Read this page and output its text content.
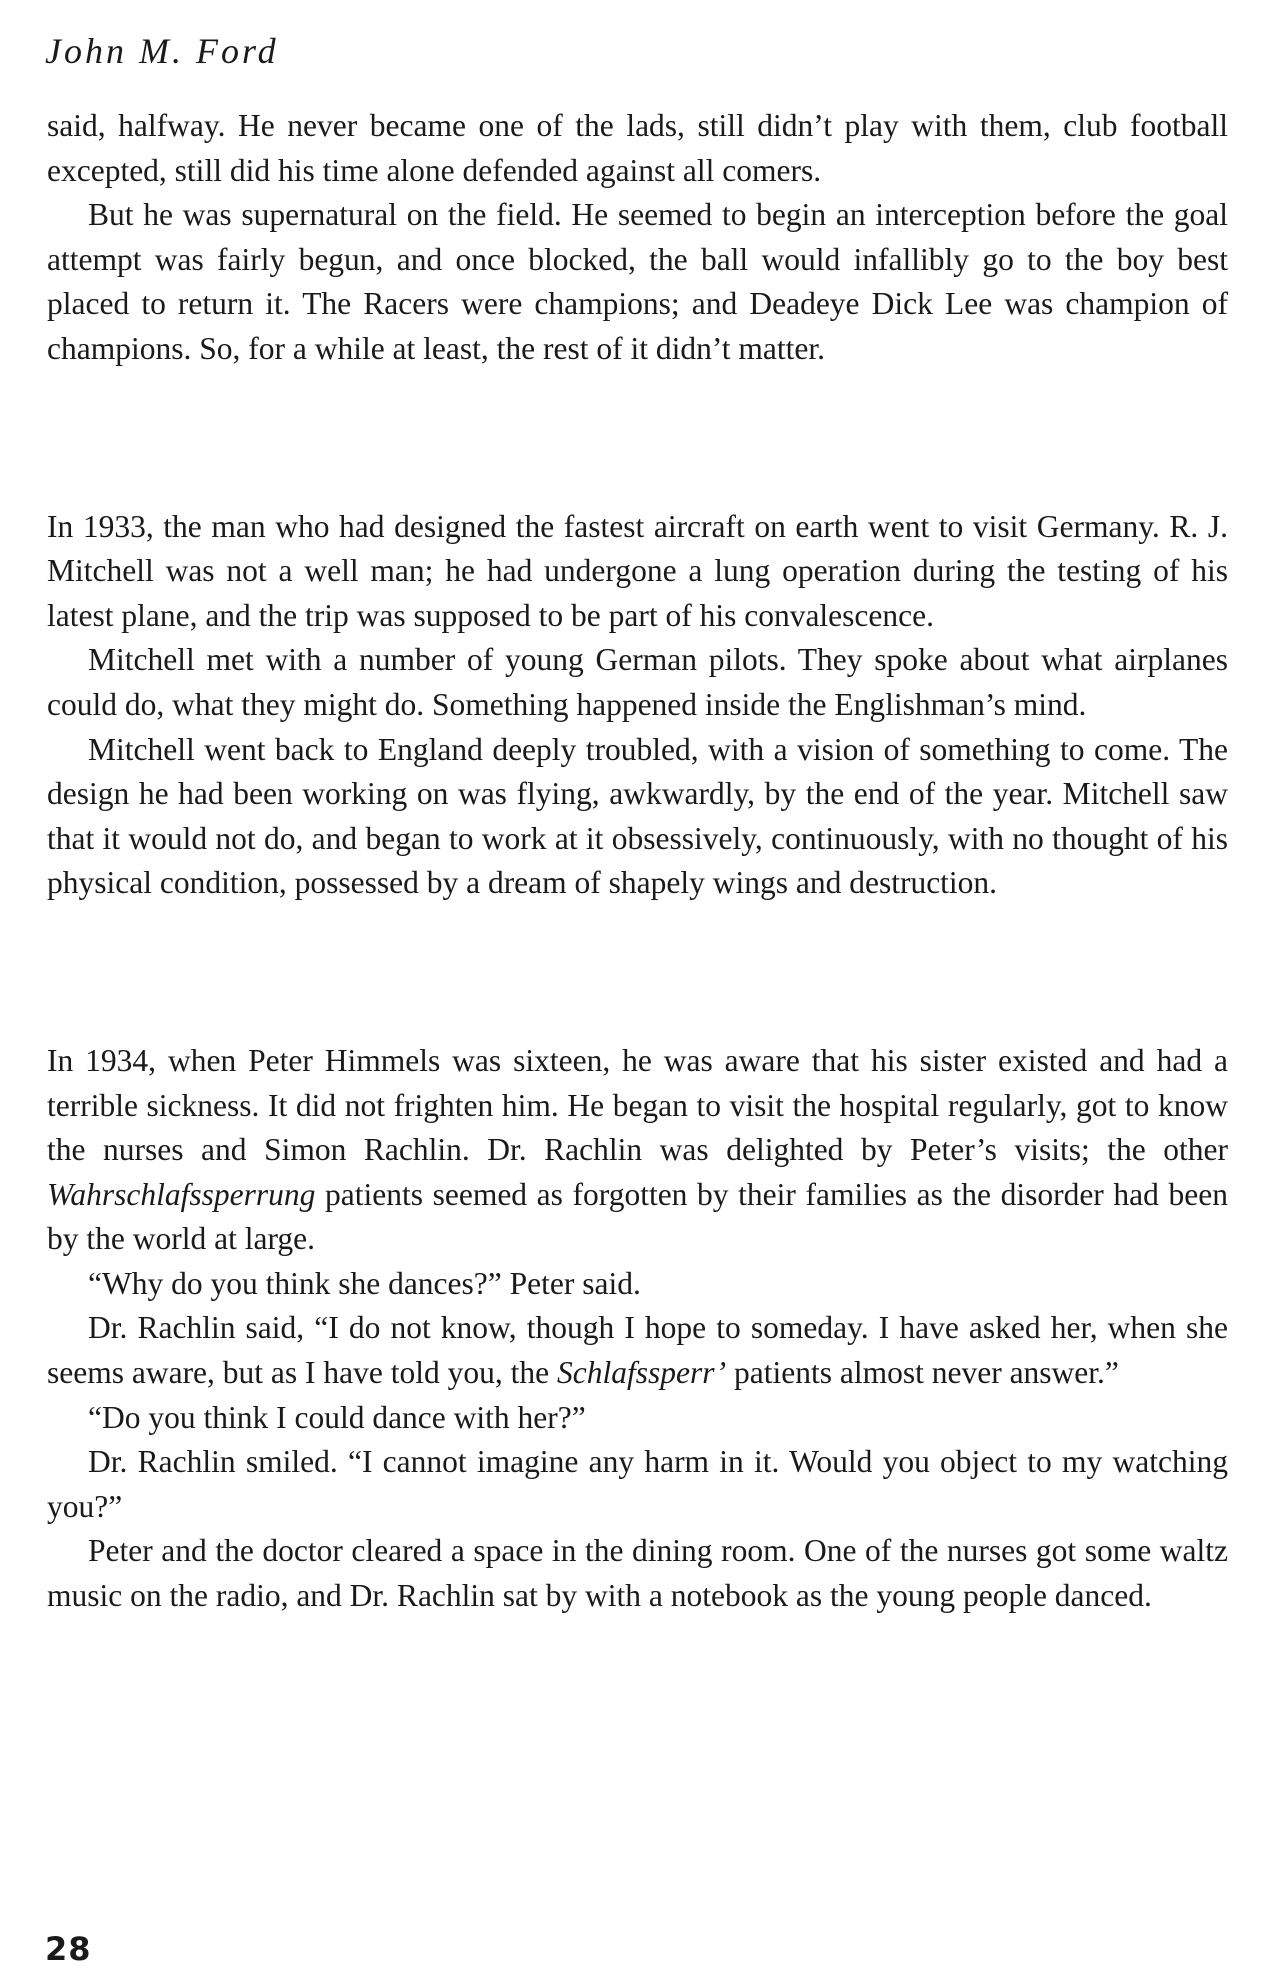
John M. Ford

said, halfway. He never became one of the lads, still didn’t play with them, club football excepted, still did his time alone defended against all comers.

But he was supernatural on the field. He seemed to begin an interception before the goal attempt was fairly begun, and once blocked, the ball would infallibly go to the boy best placed to return it. The Racers were champions; and Deadeye Dick Lee was champion of champions. So, for a while at least, the rest of it didn’t matter.

In 1933, the man who had designed the fastest aircraft on earth went to visit Germany. R. J. Mitchell was not a well man; he had undergone a lung operation during the testing of his latest plane, and the trip was supposed to be part of his convalescence.

Mitchell met with a number of young German pilots. They spoke about what airplanes could do, what they might do. Something happened inside the Englishman’s mind.

Mitchell went back to England deeply troubled, with a vision of something to come. The design he had been working on was flying, awkwardly, by the end of the year. Mitchell saw that it would not do, and began to work at it obsessively, continuously, with no thought of his physical condition, possessed by a dream of shapely wings and destruction.

In 1934, when Peter Himmels was sixteen, he was aware that his sister existed and had a terrible sickness. It did not frighten him. He began to visit the hospital regularly, got to know the nurses and Simon Rachlin. Dr. Rachlin was delighted by Peter’s visits; the other Wahrschlafssperrung patients seemed as forgotten by their families as the disorder had been by the world at large.

“Why do you think she dances?” Peter said.

Dr. Rachlin said, “I do not know, though I hope to someday. I have asked her, when she seems aware, but as I have told you, the Schlafssperr’ patients almost never answer.”

“Do you think I could dance with her?”

Dr. Rachlin smiled. “I cannot imagine any harm in it. Would you object to my watching you?”

Peter and the doctor cleared a space in the dining room. One of the nurses got some waltz music on the radio, and Dr. Rachlin sat by with a notebook as the young people danced.

28
